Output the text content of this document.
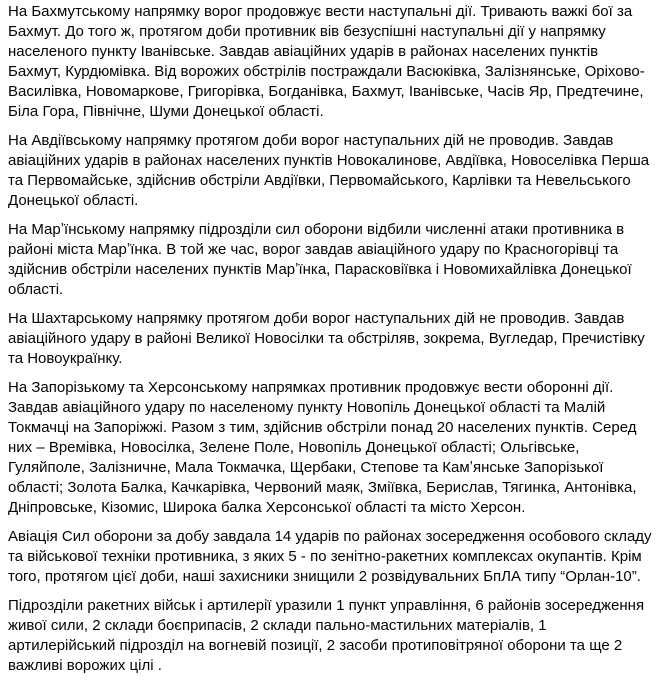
На Бахмутському напрямку ворог продовжує вести наступальні дії. Тривають важкі бої за Бахмут. До того ж, протягом доби противник вів безуспішні наступальні дії у напрямку населеного пункту Іванівське. Завдав авіаційних ударів в районах населених пунктів Бахмут, Курдюмівка. Від ворожих обстрілів постраждали Васюківка, Залізнянське, Оріхово-Василівка, Новомаркове, Григорівка, Богданівка, Бахмут, Іванівське, Часів Яр, Предтечине, Біла Гора, Північне, Шуми Донецької області.

На Авдіївському напрямку протягом доби ворог наступальних дій не проводив. Завдав авіаційних ударів в районах населених пунктів Новокалинове, Авдіївка, Новоселівка Перша та Первомайське, здійснив обстріли Авдіївки, Первомайського, Карлівки та Невельського Донецької області.

На Марʼїнському напрямку підрозділи сил оборони відбили численні атаки противника в районі міста Марʼїнка. В той же час, ворог завдав авіаційного удару по Красногорівці та здійснив обстріли населених пунктів Марʼїнка, Парасковіївка і Новомихайлівка Донецької області.

На Шахтарському напрямку протягом доби ворог наступальних дій не проводив. Завдав авіаційного удару в районі Великої Новосілки та обстріляв, зокрема, Вугледар, Пречистівку та Новоукраїнку.

На Запорізькому та Херсонському напрямках противник продовжує вести оборонні дії. Завдав авіаційного удару по населеному пункту Новопіль Донецької області та Малій Токмачці на Запоріжжі. Разом з тим, здійснив обстріли понад 20 населених пунктів. Серед них – Времівка, Новосілка, Зелене Поле, Новопіль Донецької області; Ольгівське,  Гуляйполе, Залізничне, Мала Токмачка, Щербаки, Степове та Камʼянське Запорізької області; Золота Балка, Качкарівка, Червоний маяк, Зміївка, Берислав, Тягинка, Антонівка, Дніпровське, Кізомис, Широка балка Херсонської області та місто Херсон.

Авіація Сил оборони за добу завдала 14 ударів по районах зосередження особового складу та військової техніки противника, з яких 5 - по зенітно-ракетних комплексах окупантів. Крім того, протягом цієї доби, наші захисники знищили 2 розвідувальних БпЛА типу “Орлан-10”.

Підрозділи ракетних військ і артилерії уразили 1 пункт управління, 6 районів зосередження живої сили, 2 склади боєприпасів, 2 склади пально-мастильних матеріалів, 1 артилерійський підрозділ на вогневій позиції, 2 засоби протиповітряної оборони та ще 2 важливі ворожих цілі .
